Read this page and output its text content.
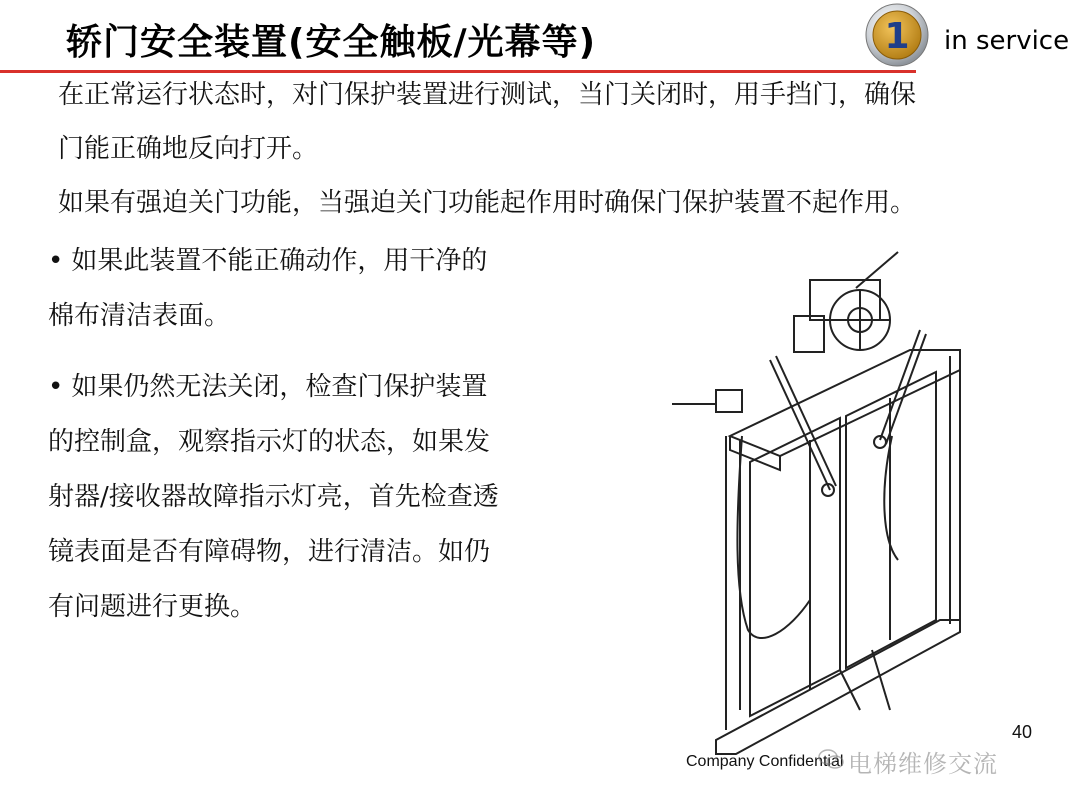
轿门安全装置(安全触板/光幕等)	1 in service
在正常运行状态时，对门保护装置进行测试，当门关闭时，用手挡门，确保
门能正确地反向打开。
如果有强迫关门功能，当强迫关门功能起作用时确保门保护装置不起作用。
• 如果此装置不能正确动作，用干净的
棉布清洁表面。
• 如果仍然无法关闭，检查门保护装置
的控制盒，观察指示灯的状态，如果发
射器/接收器故障指示灯亮，首先检查透
镜表面是否有障碍物，进行清洁。如仍
有问题进行更换。
40
Company Confidential 电梯维修交流
